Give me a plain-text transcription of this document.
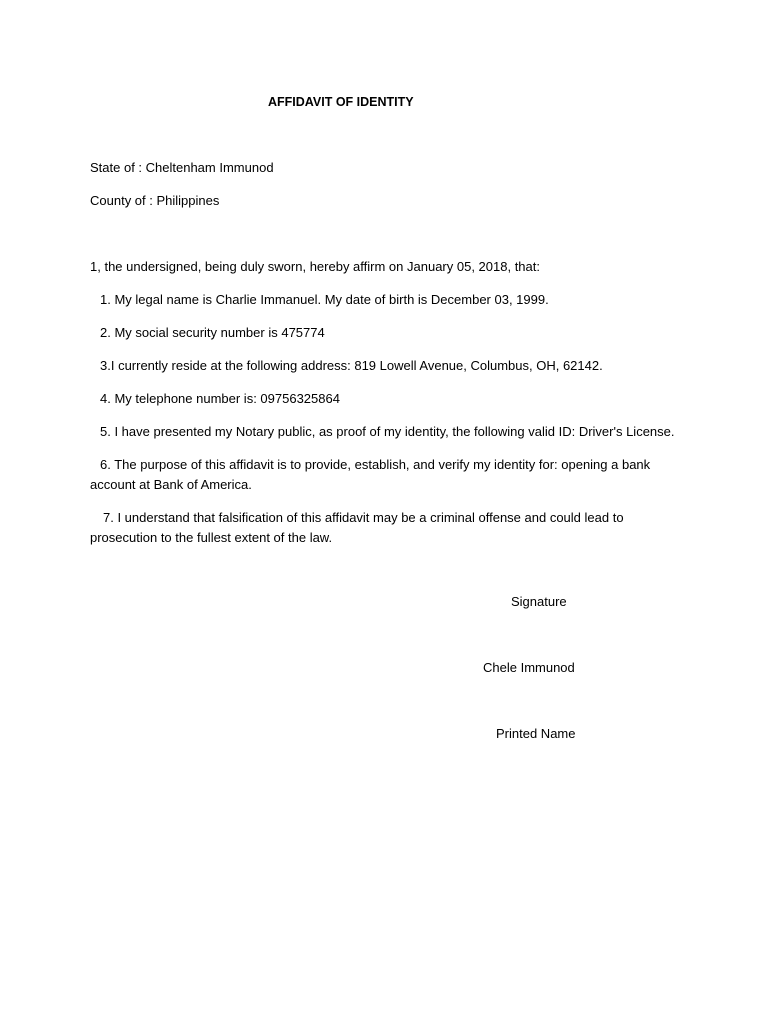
AFFIDAVIT OF IDENTITY

State of : Cheltenham Immunod

County of : Philippines

1, the undersigned, being duly sworn, hereby affirm on January 05, 2018, that:

1. My legal name is Charlie Immanuel. My date of birth is December 03, 1999.

2. My social security number is 475774

3.I currently reside at the following address: 819 Lowell Avenue, Columbus, OH, 62142.

4. My telephone number is: 09756325864

5. I have presented my Notary public, as proof of my identity, the following valid ID: Driver's License.

6. The purpose of this affidavit is to provide, establish, and verify my identity for: opening a bank

account at Bank of America.

7. I understand that falsification of this affidavit may be a criminal offense and could lead to

prosecution to the fullest extent of the law.

Signature

Chele Immunod

Printed Name
